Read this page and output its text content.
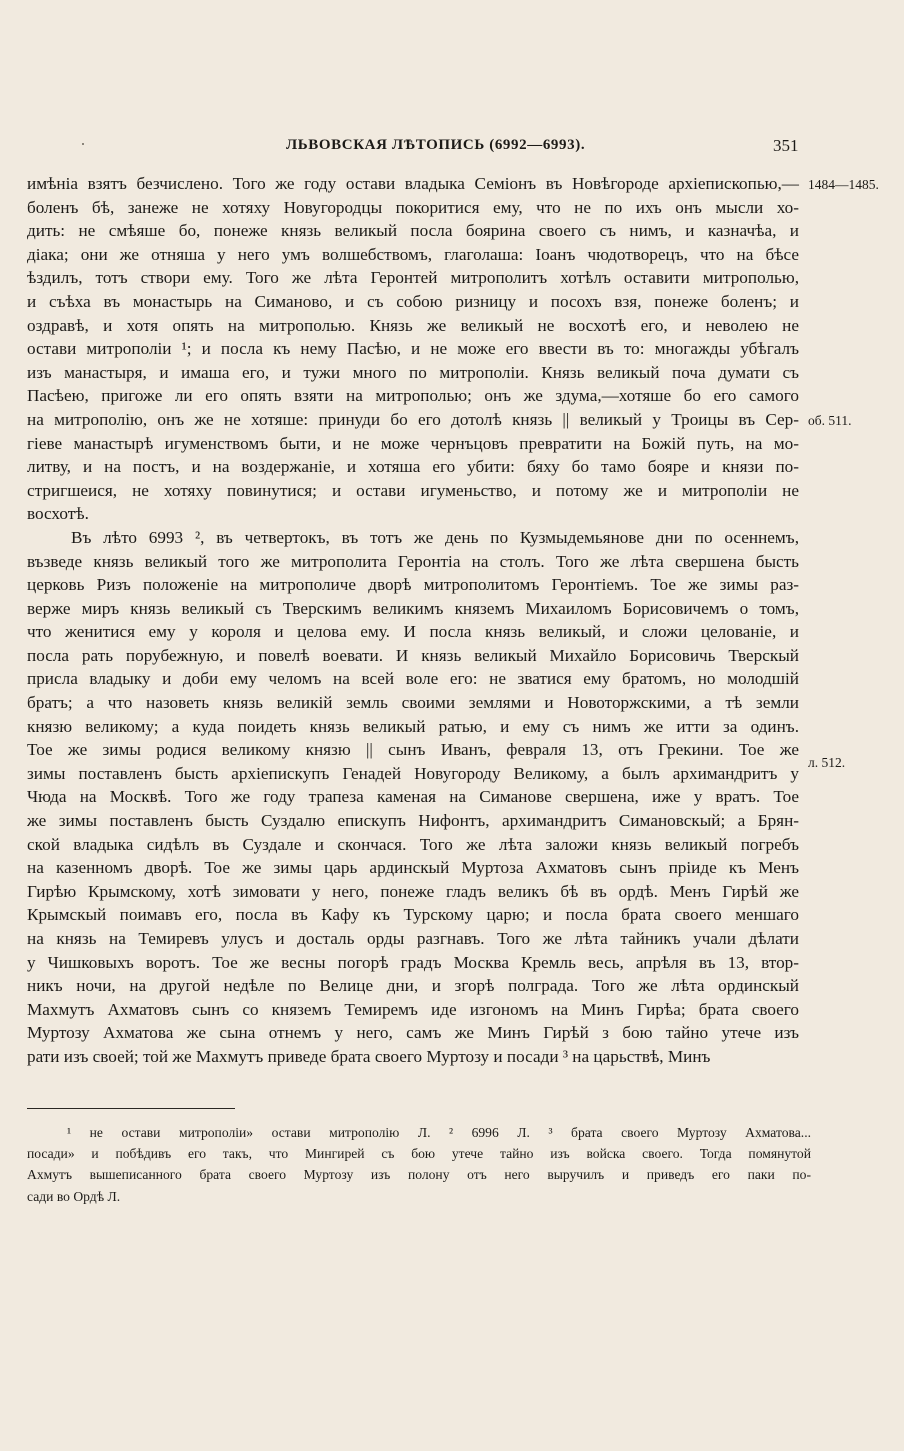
ЛЬВОВСКАЯ ЛѢТОПИСЬ (6992—6993).	351
имѣнiа взятъ безчислено. Того же году остави владыка Семiонъ въ Новѣгороде архiепископью,—
боленъ бѣ, занеже не хотяху Новугородцы покоритися ему, что не по ихъ онъ мысли хо-
дить: не смѣяше бо, понеже князь великый посла боярина своего съ нимъ, и казначѣа, и
дiака; они же отняша у него умъ волшебствомъ, глаголаша: Iоанъ чюдотворецъ, что на бѣсе
ѣздилъ, тотъ створи ему. Того же лѣта Геронтей митрополитъ хотѣлъ оставити митрополью,
и съѣха въ монастырь на Симаново, и съ собою ризницу и посохъ взя, понеже боленъ; и
оздравѣ, и хотя опять на митрополью. Князь же великый не восхотѣ его, и неволею не
остави митрополiи ¹; и посла къ нему Пасѣю, и не може его ввести въ то: многажды убѣгалъ
изъ манастыря, и имаша его, и тужи много по митрополiи. Князь великый поча думати съ
Пасѣею, пригоже ли его опять взяти на митрополью; онъ же здума,—хотяше бо его самого
на митрополiю, онъ же не хотяше: принуди бо его дотолѣ князь || великый у Троицы въ Сер-
гiеве манастырѣ игуменствомъ быти, и не може чернъцовъ превратити на Божiй путь, на мо-
литву, и на постъ, и на воздержанiе, и хотяша его убити: бяху бо тамо бояре и князи по-
стригшеися, не хотяху повинутися; и остави игуменьство, и потому же и митрополiи не
восхотѣ.
Въ лѣто 6993 ², въ четвертокъ, въ тотъ же день по Кузмыдемьянове дни по осеннемъ,
възведе князь великый того же митрополита Геронтiа на столъ. Того же лѣта свершена бысть
церковь Ризъ положенiе на митрополиче дворѣ митрополитомъ Геронтiемъ. Тое же зимы раз-
верже миръ князь великый съ Тверскимъ великимъ княземъ Михаиломъ Борисовичемъ о томъ,
что женитися ему у короля и целова ему. И посла князь великый, и сложи целованiе, и
посла рать порубежную, и повелѣ воевати. И князь великый Михайло Борисовичь Тверскый
присла владыку и доби ему челомъ на всей воле его: не зватися ему братомъ, но молодшiй
братъ; а что назоветь князь великiй земль своими землями и Новоторжскими, а тѣ земли
князю великому; а куда поидеть князь великый ратью, и ему съ нимъ же итти за одинъ.
Тое же зимы родися великому князю || сынъ Иванъ, февраля 13, отъ Грекини. Тое же
зимы поставленъ бысть архiепискупъ Генадей Новугороду Великому, а былъ архимандритъ у
Чюда на Москвѣ. Того же году трапеза каменая на Симанове свершена, иже у вратъ. Тое
же зимы поставленъ бысть Суздалю епискупъ Нифонтъ, архимандритъ Симановскый; а Брян-
ской владыка сидѣлъ въ Суздале и скончася. Того же лѣта заложи князь великый погребъ
на казенномъ дворѣ. Тое же зимы царь ардинскый Муртоза Ахматовъ сынъ прiиде къ Менъ
Гирѣю Крымскому, хотѣ зимовати у него, понеже гладъ великъ бѣ въ ордѣ. Менъ Гирѣй же
Крымскый поимавъ его, посла въ Кафу къ Турскому царю; и посла брата своего меншаго
на князь на Темиревъ улусъ и досталь орды разгнавъ. Того же лѣта тайникъ учали дѣлати
у Чишковыхъ воротъ. Тое же весны погорѣ градъ Москва Кремль весь, апрѣля въ 13, втор-
никъ ночи, на другой недѣле по Велице дни, и згорѣ полграда. Того же лѣта ординскый
Махмутъ Ахматовъ сынъ со княземъ Темиремъ иде изгономъ на Минъ Гирѣа; брата своего
Муртозу Ахматова же сына отнемъ у него, самъ же Минъ Гирѣй з бою тайно утече изъ
рати изъ своей; той же Махмутъ приведе брата своего Муртозу и посади ³ на царьствѣ, Минъ
1484—1485.
об. 511.
л. 512.
¹ не остави митрополiи» остави митрополiю Л. ² 6996 Л. ³ брата своего Муртозу Ахматова...
посади» и побѣдивъ его такъ, что Мингирей съ бою утече тайно изъ войска своего. Тогда помянутой
Ахмутъ вышеписанного брата своего Муртозу изъ полону отъ него выручилъ и приведъ его паки по-
сади во Ордѣ Л.
